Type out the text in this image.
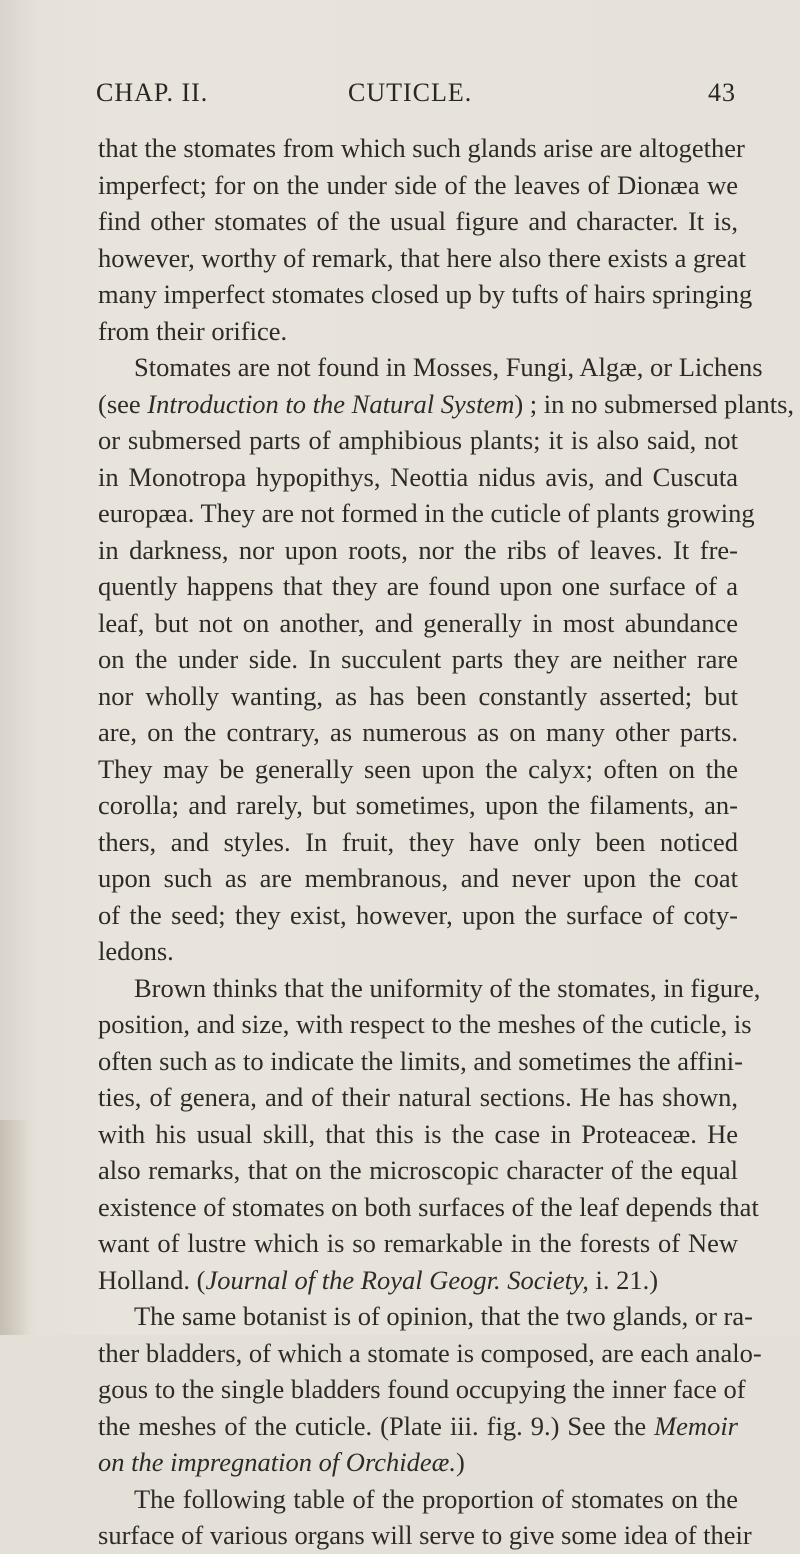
CHAP. II.	CUTICLE.	43
that the stomates from which such glands arise are altogether
imperfect; for on the under side of the leaves of Dionæa we
find other stomates of the usual figure and character. It is,
however, worthy of remark, that here also there exists a great
many imperfect stomates closed up by tufts of hairs springing
from their orifice.
Stomates are not found in Mosses, Fungi, Algæ, or Lichens
(see Introduction to the Natural System) ; in no submersed plants,
or submersed parts of amphibious plants; it is also said, not
in Monotropa hypopithys, Neottia nidus avis, and Cuscuta
europæa. They are not formed in the cuticle of plants growing
in darkness, nor upon roots, nor the ribs of leaves. It fre-
quently happens that they are found upon one surface of a
leaf, but not on another, and generally in most abundance
on the under side. In succulent parts they are neither rare
nor wholly wanting, as has been constantly asserted; but
are, on the contrary, as numerous as on many other parts.
They may be generally seen upon the calyx; often on the
corolla; and rarely, but sometimes, upon the filaments, an-
thers, and styles. In fruit, they have only been noticed
upon such as are membranous, and never upon the coat
of the seed; they exist, however, upon the surface of coty-
ledons.
Brown thinks that the uniformity of the stomates, in figure,
position, and size, with respect to the meshes of the cuticle, is
often such as to indicate the limits, and sometimes the affini-
ties, of genera, and of their natural sections. He has shown,
with his usual skill, that this is the case in Proteaceæ. He
also remarks, that on the microscopic character of the equal
existence of stomates on both surfaces of the leaf depends that
want of lustre which is so remarkable in the forests of New
Holland. (Journal of the Royal Geogr. Society, i. 21.)
The same botanist is of opinion, that the two glands, or ra-
ther bladders, of which a stomate is composed, are each analo-
gous to the single bladders found occupying the inner face of
the meshes of the cuticle. (Plate iii. fig. 9.) See the Memoir
on the impregnation of Orchideæ.)
The following table of the proportion of stomates on the
surface of various organs will serve to give some idea of their
